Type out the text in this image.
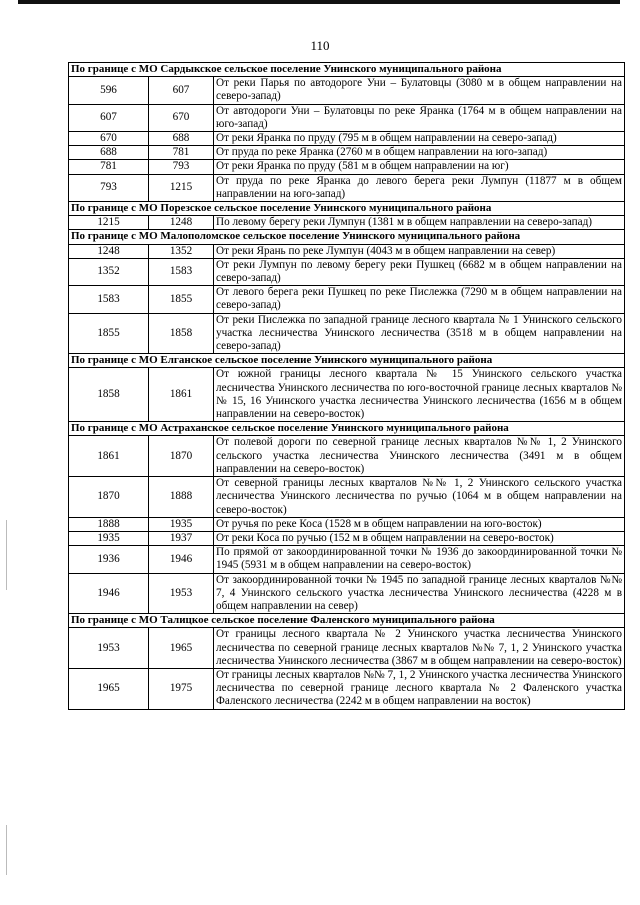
110
По границе с МО Сардыкское сельское поселение Унинского муниципального района		
596	607	От реки Парья по автодороге Уни – Булатовцы (3080 м в общем направлении на северо-запад)
607	670	От автодороги Уни – Булатовцы по реке Яранка (1764 м в общем направлении на юго-запад)
670	688	От реки Яранка по пруду (795 м в общем направлении на северо-запад)
688	781	От пруда по реке Яранка (2760 м в общем направлении на юго-запад)
781	793	От реки Яранка по пруду (581 м в общем направлении на юг)
793	1215	От пруда по реке Яранка до левого берега реки Лумпун (11877 м в общем направлении на юго-запад)
По границе с МО Порезское сельское поселение Унинского муниципального района		
1215	1248	По левому берегу реки Лумпун (1381 м в общем направлении на северо-запад)
По границе с МО Малополомское сельское поселение Унинского муниципального района		
1248	1352	От реки Ярань по реке Лумпун (4043 м в общем направлении на север)
1352	1583	От реки Лумпун по левому берегу реки Пушкец (6682 м в общем направлении на северо-запад)
1583	1855	От левого берега реки Пушкец по реке Пислежка (7290 м в общем направлении на северо-запад)
1855	1858	От реки Пислежка по западной границе лесного квартала № 1 Унинского сельского участка лесничества Унинского лесничества (3518 м в общем направлении на северо-запад)
По границе с МО Елганское сельское поселение Унинского муниципального района		
1858	1861	От южной границы лесного квартала № 15 Унинского сельского участка лесничества Унинского лесничества по юго-восточной границе лесных кварталов №№ 15, 16 Унинского участка лесничества Унинского лесничества (1656 м в общем направлении на северо-восток)
По границе с МО Астраханское сельское поселение Унинского муниципального района		
1861	1870	От полевой дороги по северной границе лесных кварталов №№ 1, 2 Унинского сельского участка лесничества Унинского лесничества (3491 м в общем направлении на северо-восток)
1870	1888	От северной границы лесных кварталов №№ 1, 2 Унинского сельского участка лесничества Унинского лесничества по ручью (1064 м в общем направлении на северо-восток)
1888	1935	От ручья по реке Коса (1528 м в общем направлении на юго-восток)
1935	1937	От реки Коса по ручью (152 м в общем направлении на северо-восток)
1936	1946	По прямой от закоординированной точки № 1936 до закоординированной точки № 1945 (5931 м в общем направлении на северо-восток)
1946	1953	От закоординированной точки № 1945 по западной границе лесных кварталов №№ 7, 4 Унинского сельского участка лесничества Унинского лесничества (4228 м в общем направлении на север)
По границе с МО Талицкое сельское поселение Фаленского муниципального района		
1953	1965	От границы лесного квартала № 2 Унинского участка лесничества Унинского лесничества по северной границе лесных кварталов №№ 7, 1, 2 Унинского участка лесничества Унинского лесничества (3867 м в общем направлении на северо-восток)
1965	1975	От границы лесных кварталов №№ 7, 1, 2 Унинского участка лесничества Унинского лесничества по северной границе лесного квартала № 2 Фаленского участка Фаленского лесничества (2242 м в общем направлении на восток)
